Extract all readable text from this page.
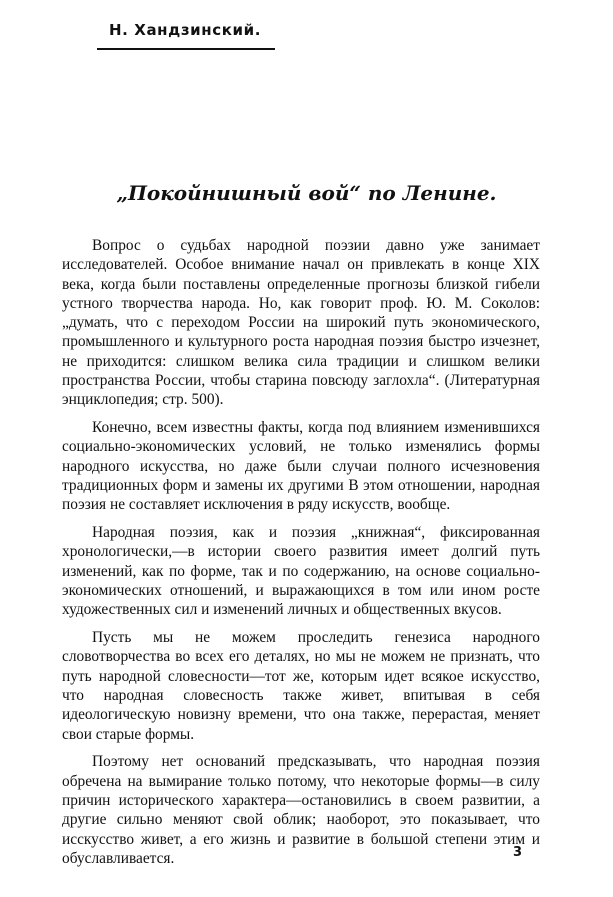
Н. Хандзинский.
„Покойнишный вой“ по Ленине.

Вопрос о судьбах народной поэзии давно уже занимает исследователей. Особое внимание начал он привлекать в конце XIX века, когда были поставлены определенные прогнозы близкой гибели устного творчества народа. Но, как говорит проф. Ю. М. Соколов: „думать, что с переходом России на широкий путь экономического, промышленного и культурного роста народная поэзия быстро изчезнет, не приходится: слишком велика сила традиции и слишком велики пространства России, чтобы старина повсюду заглохла“. (Литературная энциклопедия; стр. 500).

Конечно, всем известны факты, когда под влиянием изменившихся социально-экономических условий, не только изменялись формы народного искусства, но даже были случаи полного исчезновения традиционных форм и замены их другими В этом отношении, народная поэзия не составляет исключения в ряду искусств, вообще.

Народная поэзия, как и поэзия „книжная“, фиксированная хронологически,—в истории своего развития имеет долгий путь изменений, как по форме, так и по содержанию, на основе социально-экономических отношений, и выражающихся в том или ином росте художественных сил и изменений личных и общественных вкусов.

Пусть мы не можем проследить генезиса народного словотворчества во всех его деталях, но мы не можем не признать, что путь народной словесности—тот же, которым идет всякое искусство, что народная словесность также живет, впитывая в себя идеологическую новизну времени, что она также, перерастая, меняет свои старые формы.

Поэтому нет оснований предсказывать, что народная поэзия обречена на вымирание только потому, что некоторые формы—в силу причин исторического характера—остановились в своем развитии, а другие сильно меняют свой облик; наоборот, это показывает, что исскусство живет, а его жизнь и развитие в большой степени этим и обуславливается.	3
